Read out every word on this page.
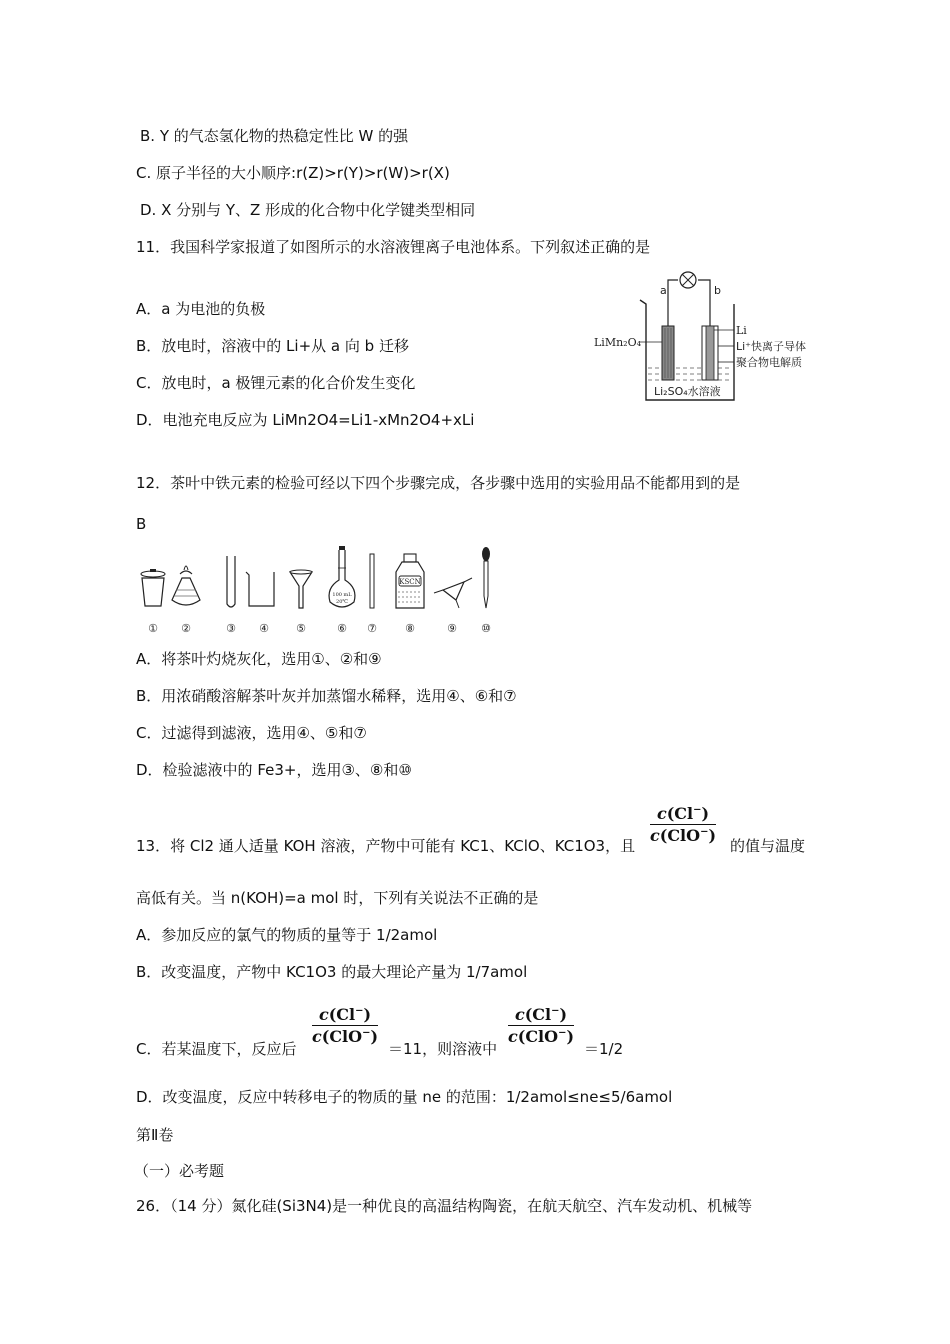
B. Y 的气态氢化物的热稳定性比 W 的强
C. 原子半径的大小顺序:r(Z)>r(Y)>r(W)>r(X)
D. X 分别与 Y、Z 形成的化合物中化学键类型相同
11．我国科学家报道了如图所示的水溶液锂离子电池体系。下列叙述正确的是
A．a 为电池的负极
B．放电时，溶液中的 Li+从 a 向 b 迁移
C．放电时，a 极锂元素的化合价发生变化
D．电池充电反应为 LiMn2O4=Li1-xMn2O4+xLi
a	b
LiMn₂O₄
Li
Li⁺快离子导体
聚合物电解质
Li₂SO₄水溶液
12．茶叶中铁元素的检验可经以下四个步骤完成，各步骤中选用的实验用品不能都用到的是
B
100 mL
20℃
KSCN
① ②	③ ④ ⑤	⑥ ⑦	⑧	⑨ ⑩
A．将茶叶灼烧灰化，选用①、②和⑨
B．用浓硝酸溶解茶叶灰并加蒸馏水稀释，选用④、⑥和⑦
C．过滤得到滤液，选用④、⑤和⑦
D．检验滤液中的 Fe3+，选用③、⑧和⑩
13．将 Cl2 通人适量 KOH 溶液，产物中可能有 KC1、KClO、KC1O3，且
c(Cl−)
c(ClO−)
的值与温度
高低有关。当 n(KOH)=a mol 时，下列有关说法不正确的是
A．参加反应的氯气的物质的量等于 1/2amol
B．改变温度，产物中 KC1O3 的最大理论产量为 1/7amol
C．若某温度下，反应后
c(Cl−)
c(ClO−)
＝11，则溶液中
c(Cl−)
c(ClO−)
＝1/2
D．改变温度，反应中转移电子的物质的量 ne 的范围：1/2amol≤ne≤5/6amol
第Ⅱ卷
（一）必考题
26．（14 分）氮化硅(Si3N4)是一种优良的高温结构陶瓷，在航天航空、汽车发动机、机械等
